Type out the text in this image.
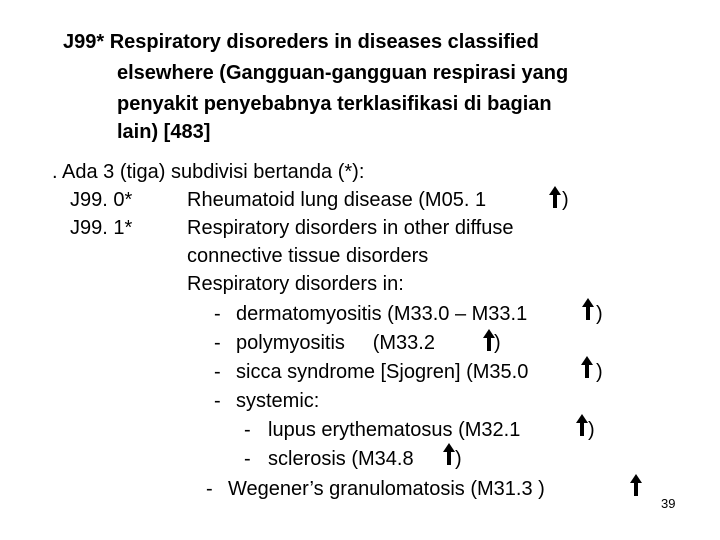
J99* Respiratory disoreders in diseases classified
elsewhere (Gangguan-gangguan respirasi yang
penyakit penyebabnya terklasifikasi di bagian
lain) [483]
. Ada 3 (tiga) subdivisi bertanda (*):
J99. 0*	Rheumatoid lung disease (M05. 1	)
J99. 1*	Respiratory disorders in other diffuse
connective tissue disorders
Respiratory disorders in:
- dermatomyositis (M33.0 – M33.1	)
- polymyositis     (M33.2	)
- sicca syndrome [Sjogren] (M35.0	)
- systemic:
- lupus erythematosus (M32.1	)
- sclerosis (M34.8 )
- Wegener’s granulomatosis (M31.3 )
39
